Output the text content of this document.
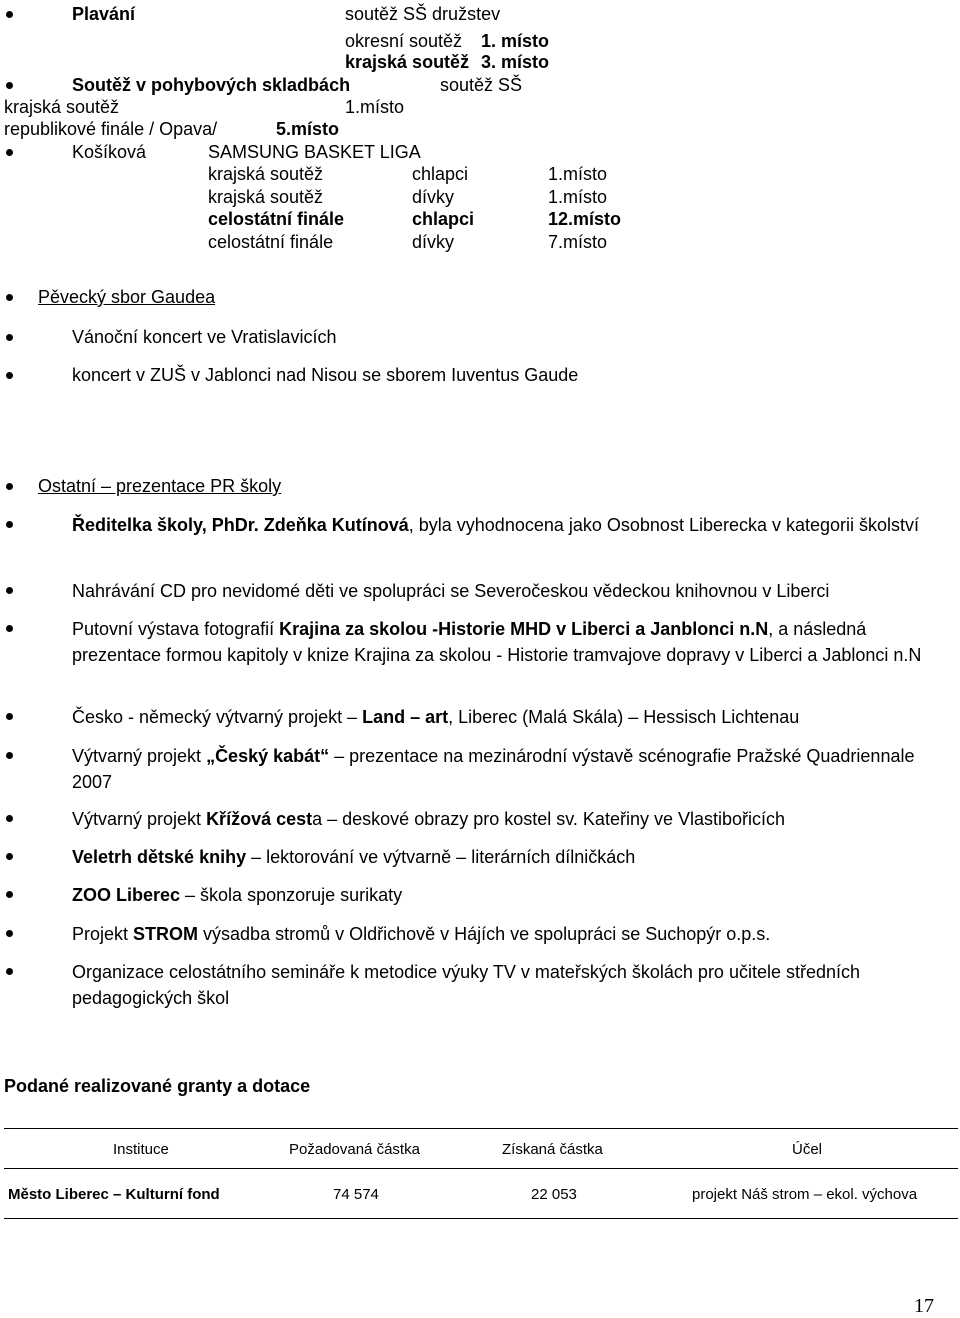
Plavání	soutěž SŠ družstev
okresní soutěž 1. místo
krajská soutěž 3. místo
Soutěž v pohybových skladbách	soutěž SŠ
krajská soutěž	1.místo
republikové finále / Opava/	5.místo
Košíková	SAMSUNG BASKET LIGA
krajská soutěž	chlapci	1.místo
krajská soutěž	dívky	1.místo
celostátní finále	chlapci	12.místo
celostátní finále	dívky	7.místo
Pěvecký sbor Gaudea
Vánoční koncert ve Vratislavicích
koncert v ZUŠ v Jablonci nad Nisou se sborem Iuventus Gaude
Ostatní – prezentace PR školy
Ředitelka školy, PhDr. Zdeňka Kutínová, byla vyhodnocena jako Osobnost Liberecka v kategorii školství
Nahrávání CD pro nevidomé děti ve spolupráci se Severočeskou vědeckou knihovnou v Liberci
Putovní výstava fotografií Krajina za skolou -Historie MHD v Liberci a Janblonci n.N, a následná prezentace formou kapitoly v knize Krajina za skolou - Historie tramvajove dopravy v Liberci a Jablonci n.N
Česko - německý výtvarný projekt – Land – art, Liberec (Malá Skála) – Hessisch Lichtenau
Výtvarný projekt „Český kabát“ – prezentace na mezinárodní výstavě scénografie Pražské Quadriennale 2007
Výtvarný projekt Křížová cesta – deskové obrazy pro kostel sv. Kateřiny ve Vlastibořicích
Veletrh dětské knihy – lektorování ve výtvarně – literárních dílničkách
ZOO Liberec – škola sponzoruje surikaty
Projekt STROM výsadba stromů v Oldřichově v Hájích ve spolupráci se Suchopýr o.p.s.
Organizace celostátního semináře k metodice výuky TV v mateřských školách pro učitele středních pedagogických škol
Podané realizované granty a dotace
Instituce	Požadovaná částka	Získaná částka	Účel
Město Liberec – Kulturní fond	74 574	22 053	projekt Náš strom – ekol. výchova
17
